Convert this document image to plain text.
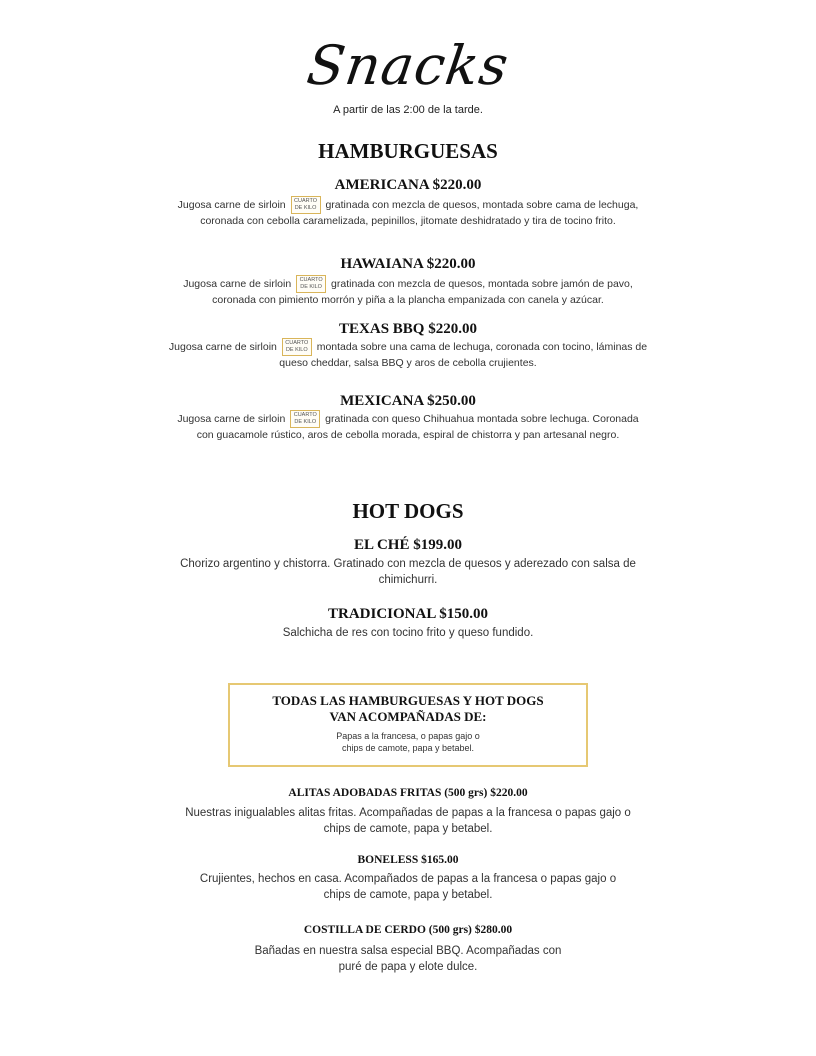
Snacks
A partir de las 2:00 de la tarde.
HAMBURGUESAS
AMERICANA $220.00
Jugosa carne de sirloin	CUARTO
DE KILO gratinada con mezcla de quesos, montada sobre cama de lechuga, coronada con cebolla caramelizada, pepinillos, jitomate deshidratado y tira de tocino frito.
HAWAIANA $220.00
Jugosa carne de sirloin	CUARTO
DE KILO gratinada con mezcla de quesos, montada sobre jamón de pavo, coronada con pimiento morrón y piña a la plancha empanizada con canela y azúcar.
TEXAS BBQ $220.00
Jugosa carne de sirloin	CUARTO
DE KILO montada sobre una cama de lechuga, coronada con tocino, láminas de queso cheddar, salsa BBQ y aros de cebolla crujientes.
MEXICANA $250.00
Jugosa carne de sirloin	CUARTO
DE KILO gratinada con queso Chihuahua montada sobre lechuga. Coronada con guacamole rústico, aros de cebolla morada, espiral de chistorra y pan artesanal negro.
HOT DOGS
EL CHÉ $199.00
Chorizo argentino y chistorra. Gratinado con mezcla de quesos y aderezado con salsa de chimichurri.
TRADICIONAL $150.00
Salchicha de res con tocino frito y queso fundido.
TODAS LAS HAMBURGUESAS Y HOT DOGS
VAN ACOMPAÑADAS DE:
Papas a la francesa, o papas gajo o
chips de camote, papa y betabel.
ALITAS ADOBADAS FRITAS (500 grs) $220.00
Nuestras inigualables alitas fritas. Acompañadas de papas a la francesa o papas gajo o chips de camote, papa y betabel.
BONELESS $165.00
Crujientes, hechos en casa. Acompañados de papas a la francesa o papas gajo o chips de camote, papa y betabel.
COSTILLA DE CERDO (500 grs) $280.00
Bañadas en nuestra salsa especial BBQ. Acompañadas con puré de papa y elote dulce.
